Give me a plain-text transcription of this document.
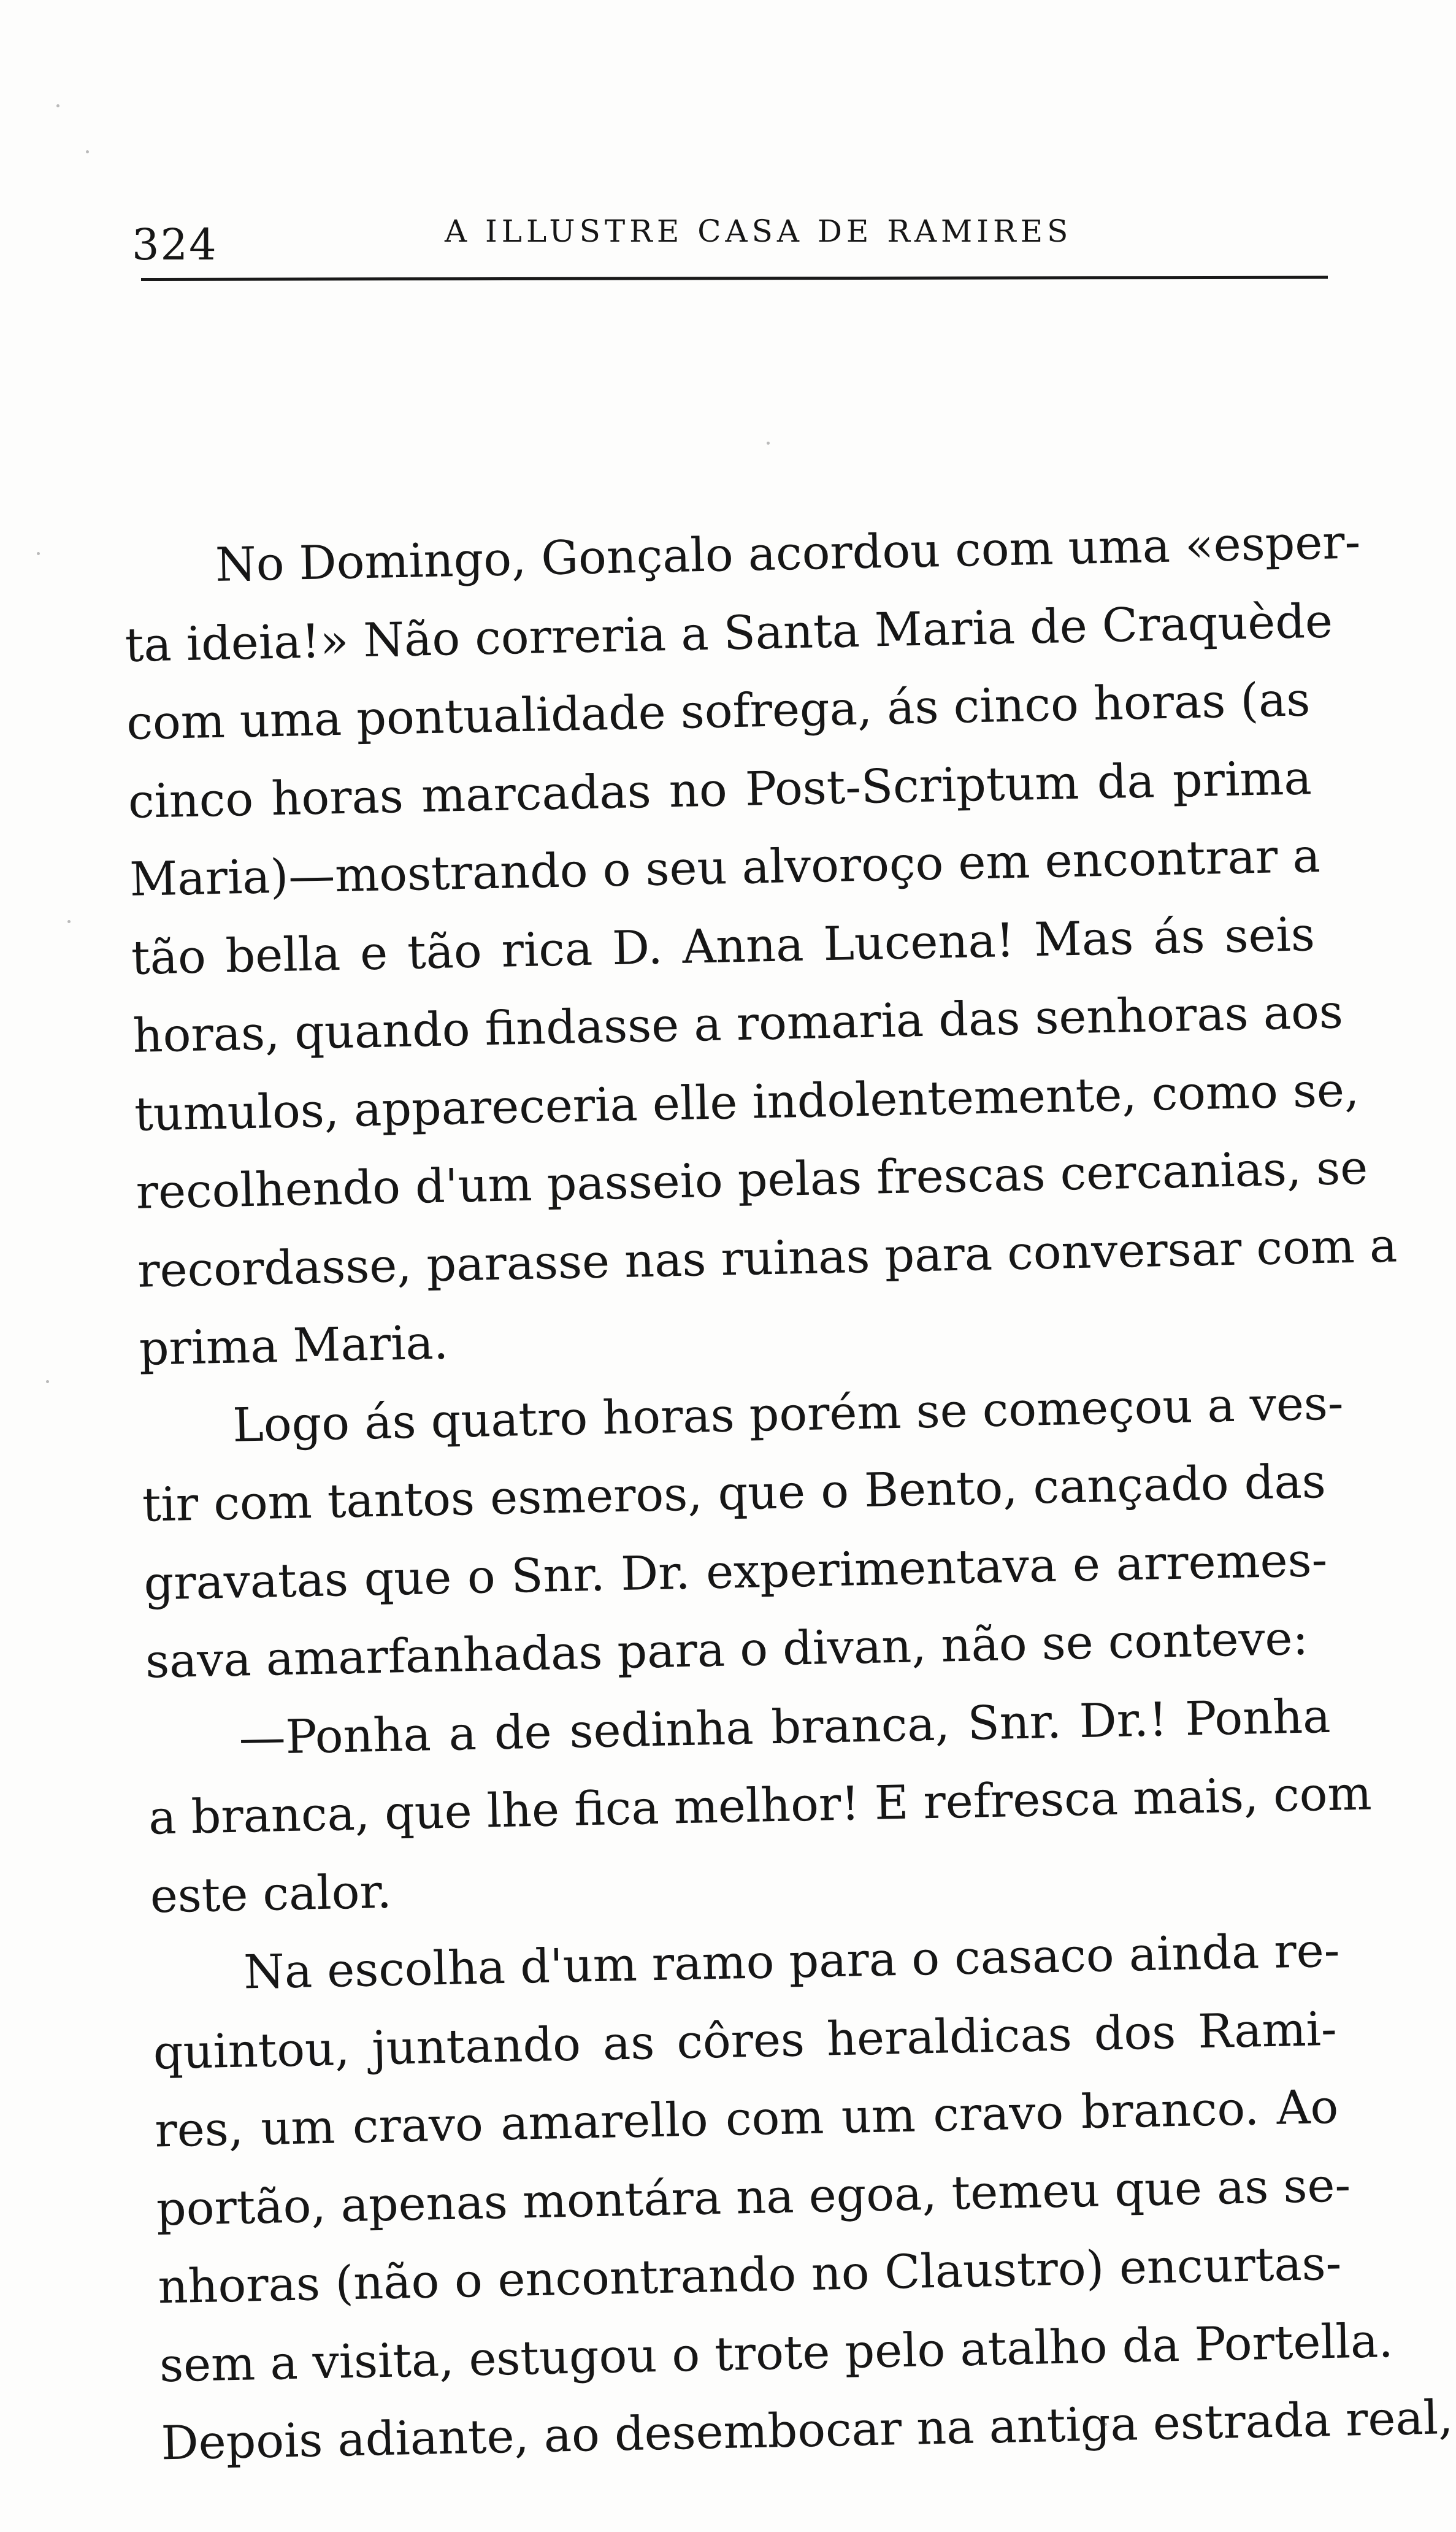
324	A ILLUSTRE CASA DE RAMIRES

No Domingo, Gonçalo acordou com uma «esper-
ta ideia!» Não correria a Santa Maria de Craquède
com uma pontualidade sofrega, ás cinco horas (as
cinco horas marcadas no Post-Scriptum da prima
Maria)—mostrando o seu alvoroço em encontrar a
tão bella e tão rica D. Anna Lucena! Mas ás seis
horas, quando findasse a romaria das senhoras aos
tumulos, appareceria elle indolentemente, como se,
recolhendo d'um passeio pelas frescas cercanias, se
recordasse, parasse nas ruinas para conversar com a
prima Maria.

Logo ás quatro horas porém se começou a ves-
tir com tantos esmeros, que o Bento, cançado das
gravatas que o Snr. Dr. experimentava e arremes-
sava amarfanhadas para o divan, não se conteve:

—Ponha a de sedinha branca, Snr. Dr.! Ponha
a branca, que lhe fica melhor! E refresca mais, com
este calor.

Na escolha d'um ramo para o casaco ainda re-
quintou, juntando as côres heraldicas dos Rami-
res, um cravo amarello com um cravo branco. Ao
portão, apenas montára na egoa, temeu que as se-
nhoras (não o encontrando no Claustro) encurtas-
sem a visita, estugou o trote pelo atalho da Portella.
Depois adiante, ao desembocar na antiga estrada real,
